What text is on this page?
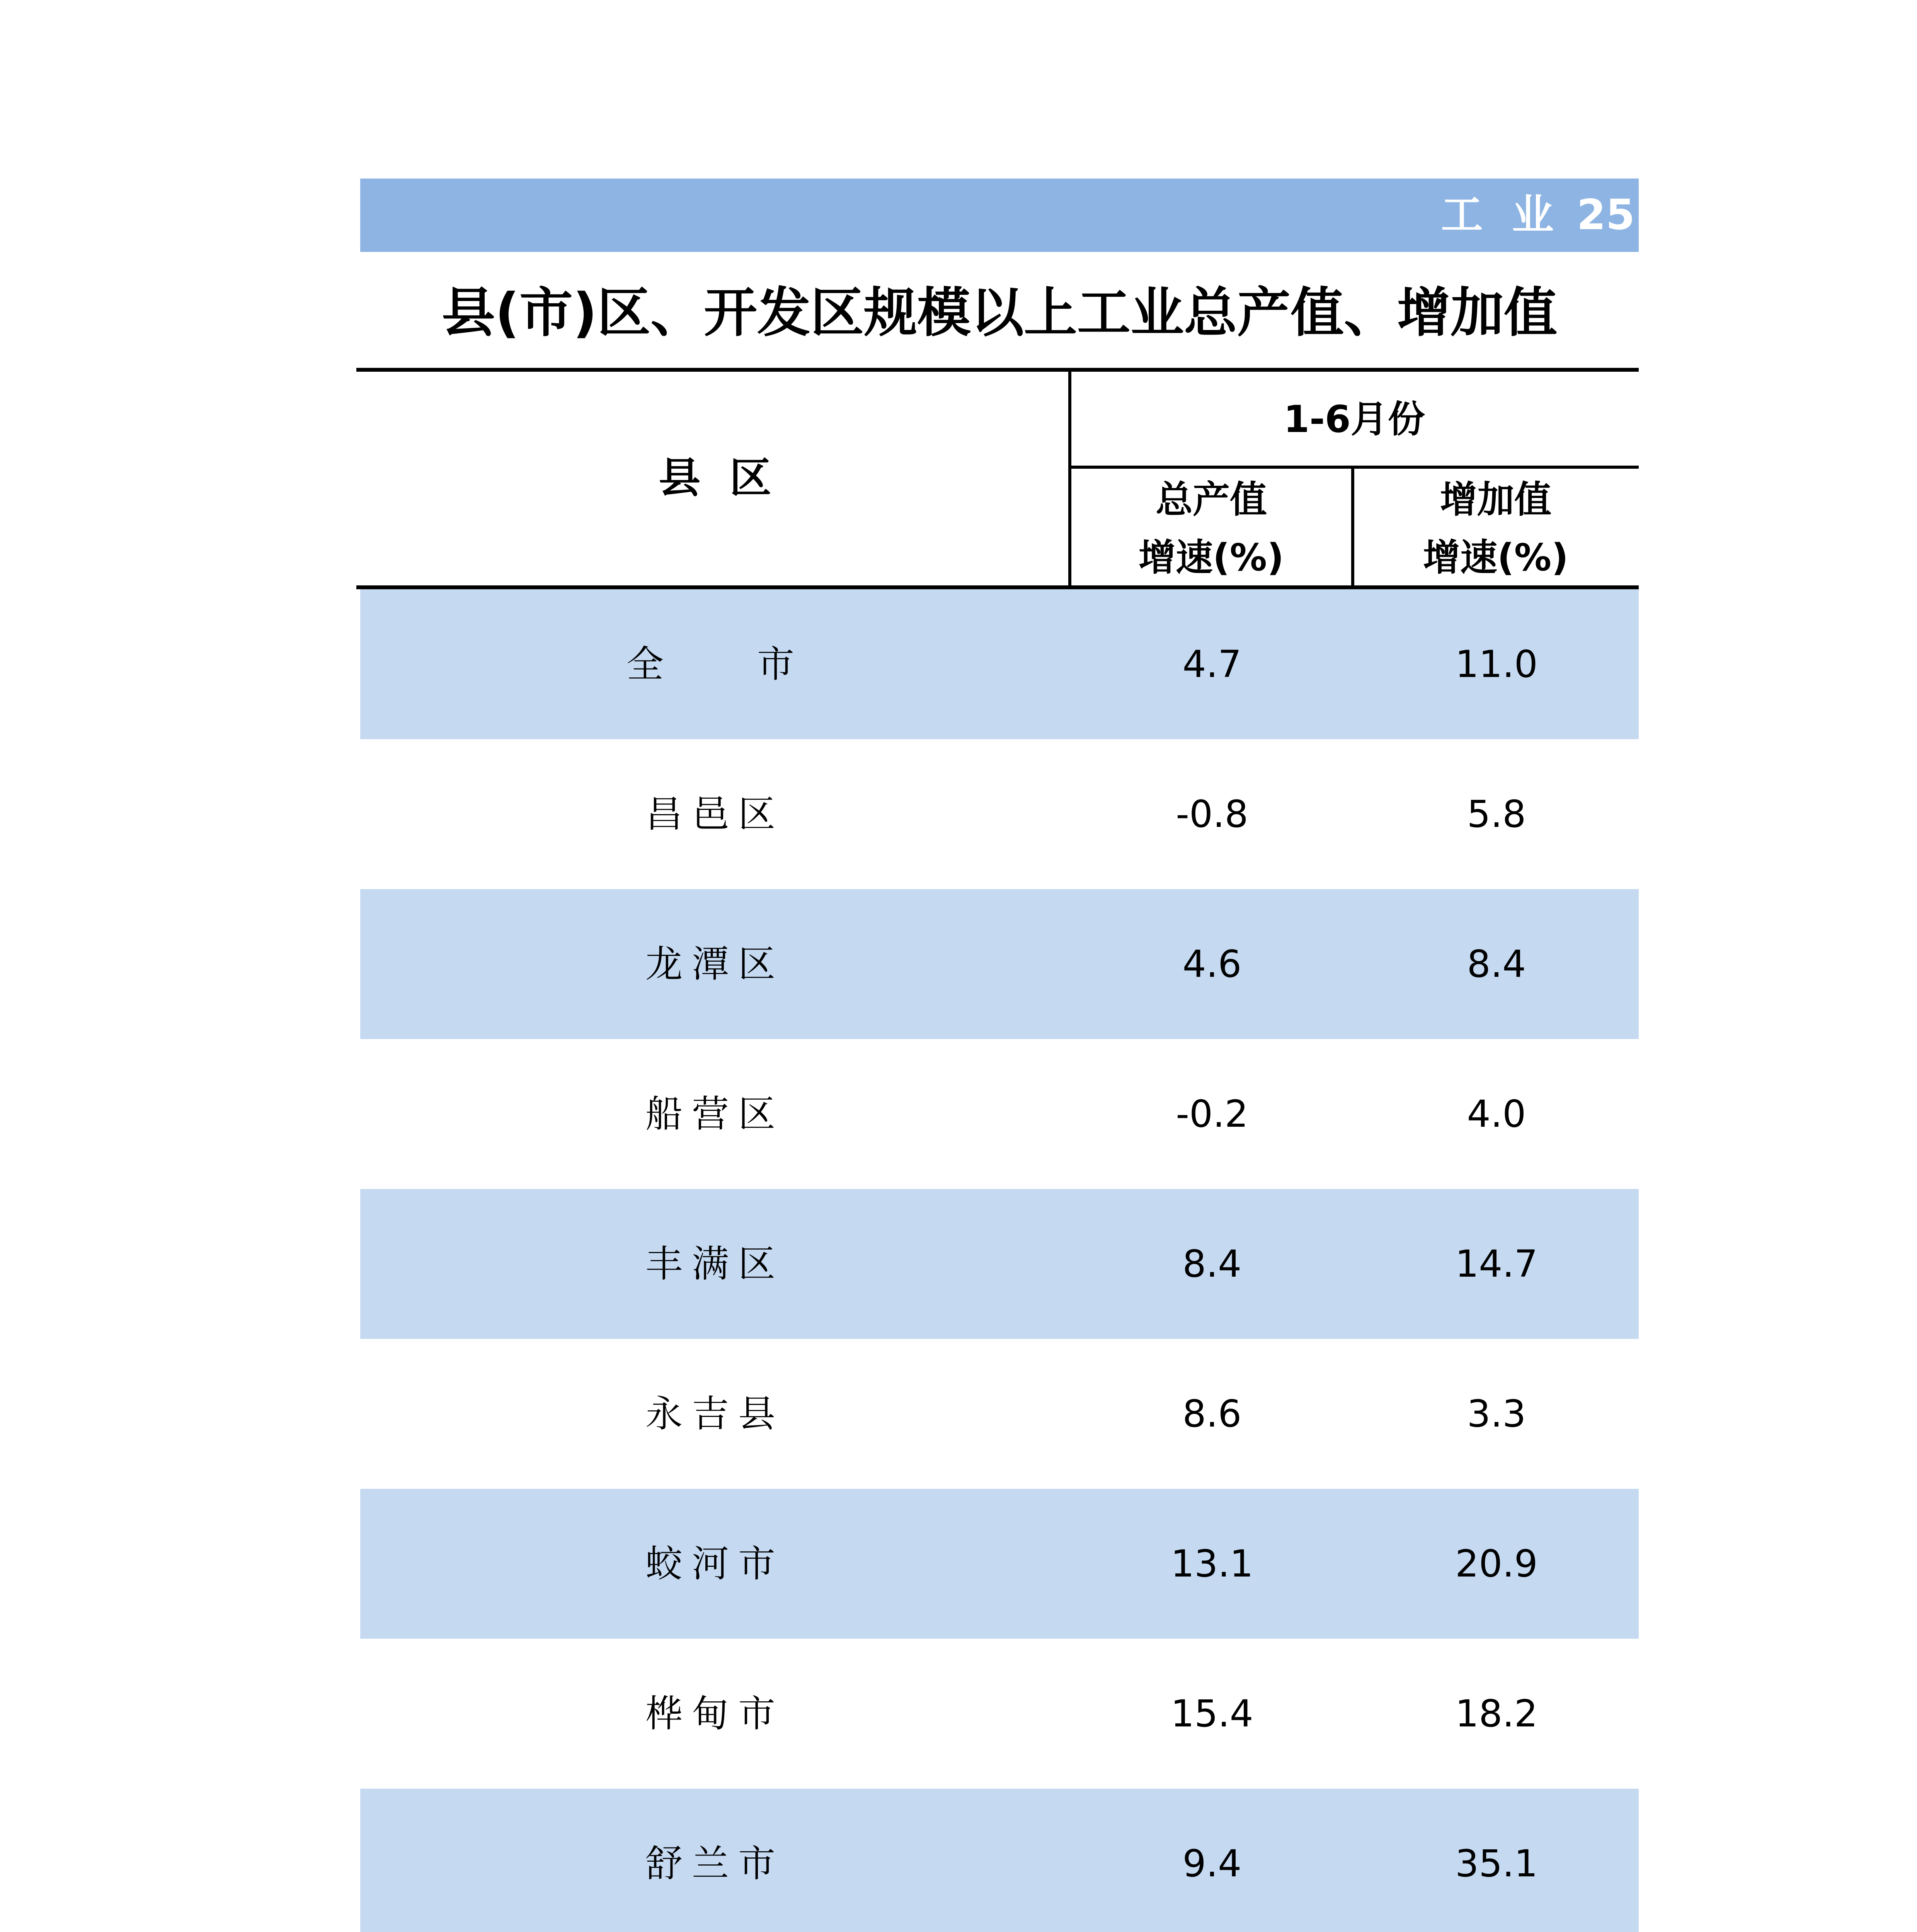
工  业 25
县(市)区、开发区规模以上工业总产值、增加值
县  区
1-6月份
总产值
增速(%)
增加值
增速(%)
全    市	4.7	11.0
昌邑区	-0.8	5.8
龙潭区	4.6	8.4
船营区	-0.2	4.0
丰满区	8.4	14.7
永吉县	8.6	3.3
蛟河市	13.1	20.9
桦甸市	15.4	18.2
舒兰市	9.4	35.1
